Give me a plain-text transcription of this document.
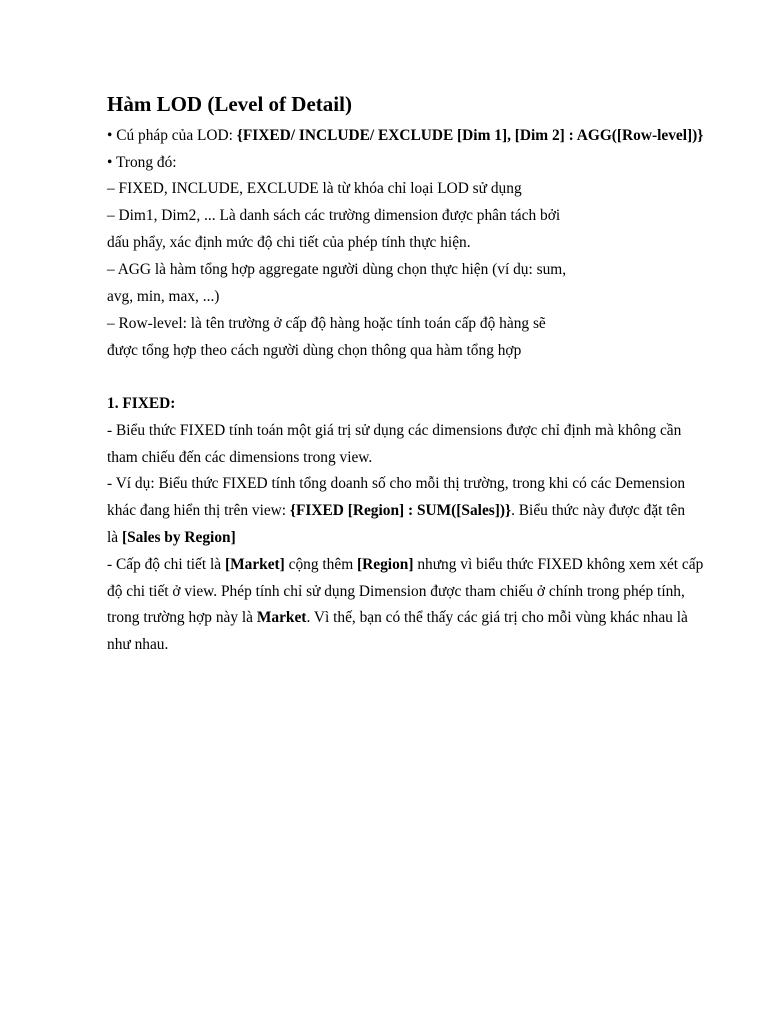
Hàm LOD (Level of Detail)

• Cú pháp của LOD: {FIXED/ INCLUDE/ EXCLUDE [Dim 1], [Dim 2] : AGG([Row-level])}

• Trong đó:

– FIXED, INCLUDE, EXCLUDE là từ khóa chỉ loại LOD sử dụng

– Dim1, Dim2, ... Là danh sách các trường dimension được phân tách bởi

dấu phẩy, xác định mức độ chi tiết của phép tính thực hiện.

– AGG là hàm tổng hợp aggregate người dùng chọn thực hiện (ví dụ: sum,

avg, min, max, ...)

– Row-level: là tên trường ở cấp độ hàng hoặc tính toán cấp độ hàng sẽ

được tổng hợp theo cách người dùng chọn thông qua hàm tổng hợp

1. FIXED:

- Biểu thức FIXED tính toán một giá trị sử dụng các dimensions được chỉ định mà không cần

tham chiếu đến các dimensions trong view.

- Ví dụ: Biểu thức FIXED tính tổng doanh số cho mỗi thị trường, trong khi có các Demension

khác đang hiển thị trên view: {FIXED [Region] : SUM([Sales])}. Biểu thức này được đặt tên

là [Sales by Region]

- Cấp độ chi tiết là [Market] cộng thêm [Region] nhưng vì biểu thức FIXED không xem xét cấp

độ chi tiết ở view. Phép tính chỉ sử dụng Dimension được tham chiếu ở chính trong phép tính,

trong trường hợp này là Market. Vì thế, bạn có thể thấy các giá trị cho mỗi vùng khác nhau là

như nhau.
